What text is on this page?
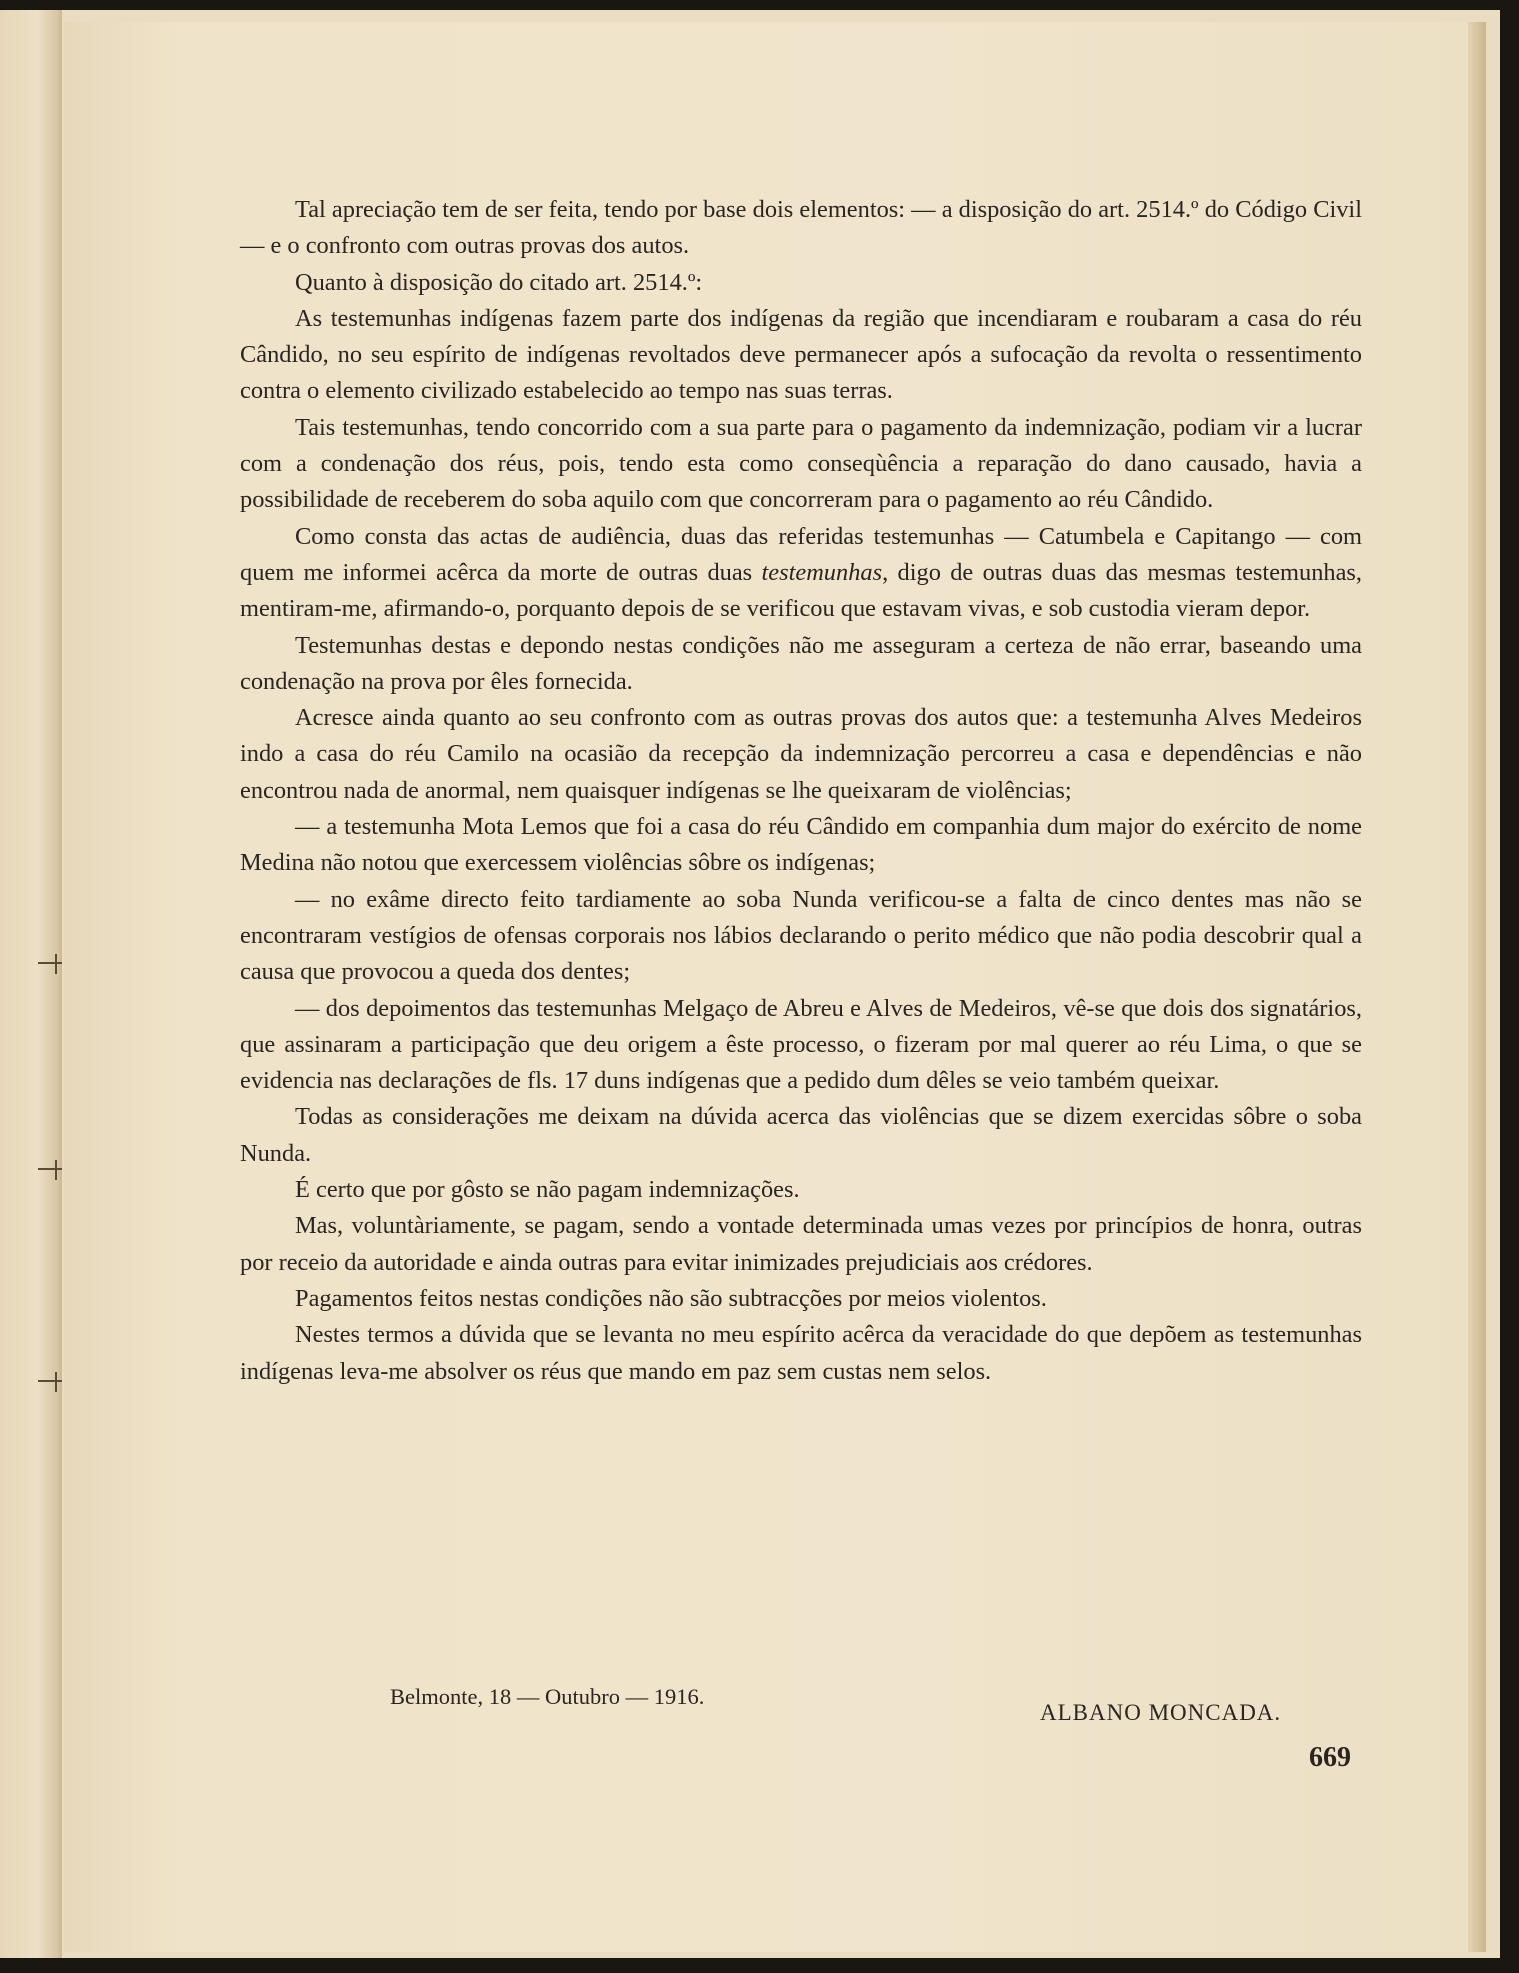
Tal apreciação tem de ser feita, tendo por base dois elementos: — a disposição do art. 2514.º do Código Civil — e o confronto com outras provas dos autos.

Quanto à disposição do citado art. 2514.º:

As testemunhas indígenas fazem parte dos indígenas da região que incendiaram e roubaram a casa do réu Cândido, no seu espírito de indígenas revoltados deve permanecer após a sufocação da revolta o ressentimento contra o elemento civilizado estabelecido ao tempo nas suas terras.

Tais testemunhas, tendo concorrido com a sua parte para o pagamento da indemnização, podiam vir a lucrar com a condenação dos réus, pois, tendo esta como conseqùência a reparação do dano causado, havia a possibilidade de receberem do soba aquilo com que concorreram para o pagamento ao réu Cândido.

Como consta das actas de audiência, duas das referidas testemunhas — Catumbela e Capitango — com quem me informei acêrca da morte de outras duas testemunhas, digo de outras duas das mesmas testemunhas, mentiram-me, afirmando-o, porquanto depois de se verificou que estavam vivas, e sob custodia vieram depor.

Testemunhas destas e depondo nestas condições não me asseguram a certeza de não errar, baseando uma condenação na prova por êles fornecida.

Acresce ainda quanto ao seu confronto com as outras provas dos autos que: a testemunha Alves Medeiros indo a casa do réu Camilo na ocasião da recepção da indemnização percorreu a casa e dependências e não encontrou nada de anormal, nem quaisquer indígenas se lhe queixaram de violências;

— a testemunha Mota Lemos que foi a casa do réu Cândido em companhia dum major do exército de nome Medina não notou que exercessem violências sôbre os indígenas;

— no exâme directo feito tardiamente ao soba Nunda verificou-se a falta de cinco dentes mas não se encontraram vestígios de ofensas corporais nos lábios declarando o perito médico que não podia descobrir qual a causa que provocou a queda dos dentes;

— dos depoimentos das testemunhas Melgaço de Abreu e Alves de Medeiros, vê-se que dois dos signatários, que assinaram a participação que deu origem a êste processo, o fizeram por mal querer ao réu Lima, o que se evidencia nas declarações de fls. 17 duns indígenas que a pedido dum dêles se veio também queixar.

Todas as considerações me deixam na dúvida acerca das violências que se dizem exercidas sôbre o soba Nunda.

É certo que por gôsto se não pagam indemnizações.

Mas, voluntàriamente, se pagam, sendo a vontade determinada umas vezes por princípios de honra, outras por receio da autoridade e ainda outras para evitar inimizades prejudiciais aos crédores.

Pagamentos feitos nestas condições não são subtracções por meios violentos.

Nestes termos a dúvida que se levanta no meu espírito acêrca da veracidade do que depõem as testemunhas indígenas leva-me absolver os réus que mando em paz sem custas nem selos.

Belmonte, 18 — Outubro — 1916.
ALBANO MONCADA.
669
